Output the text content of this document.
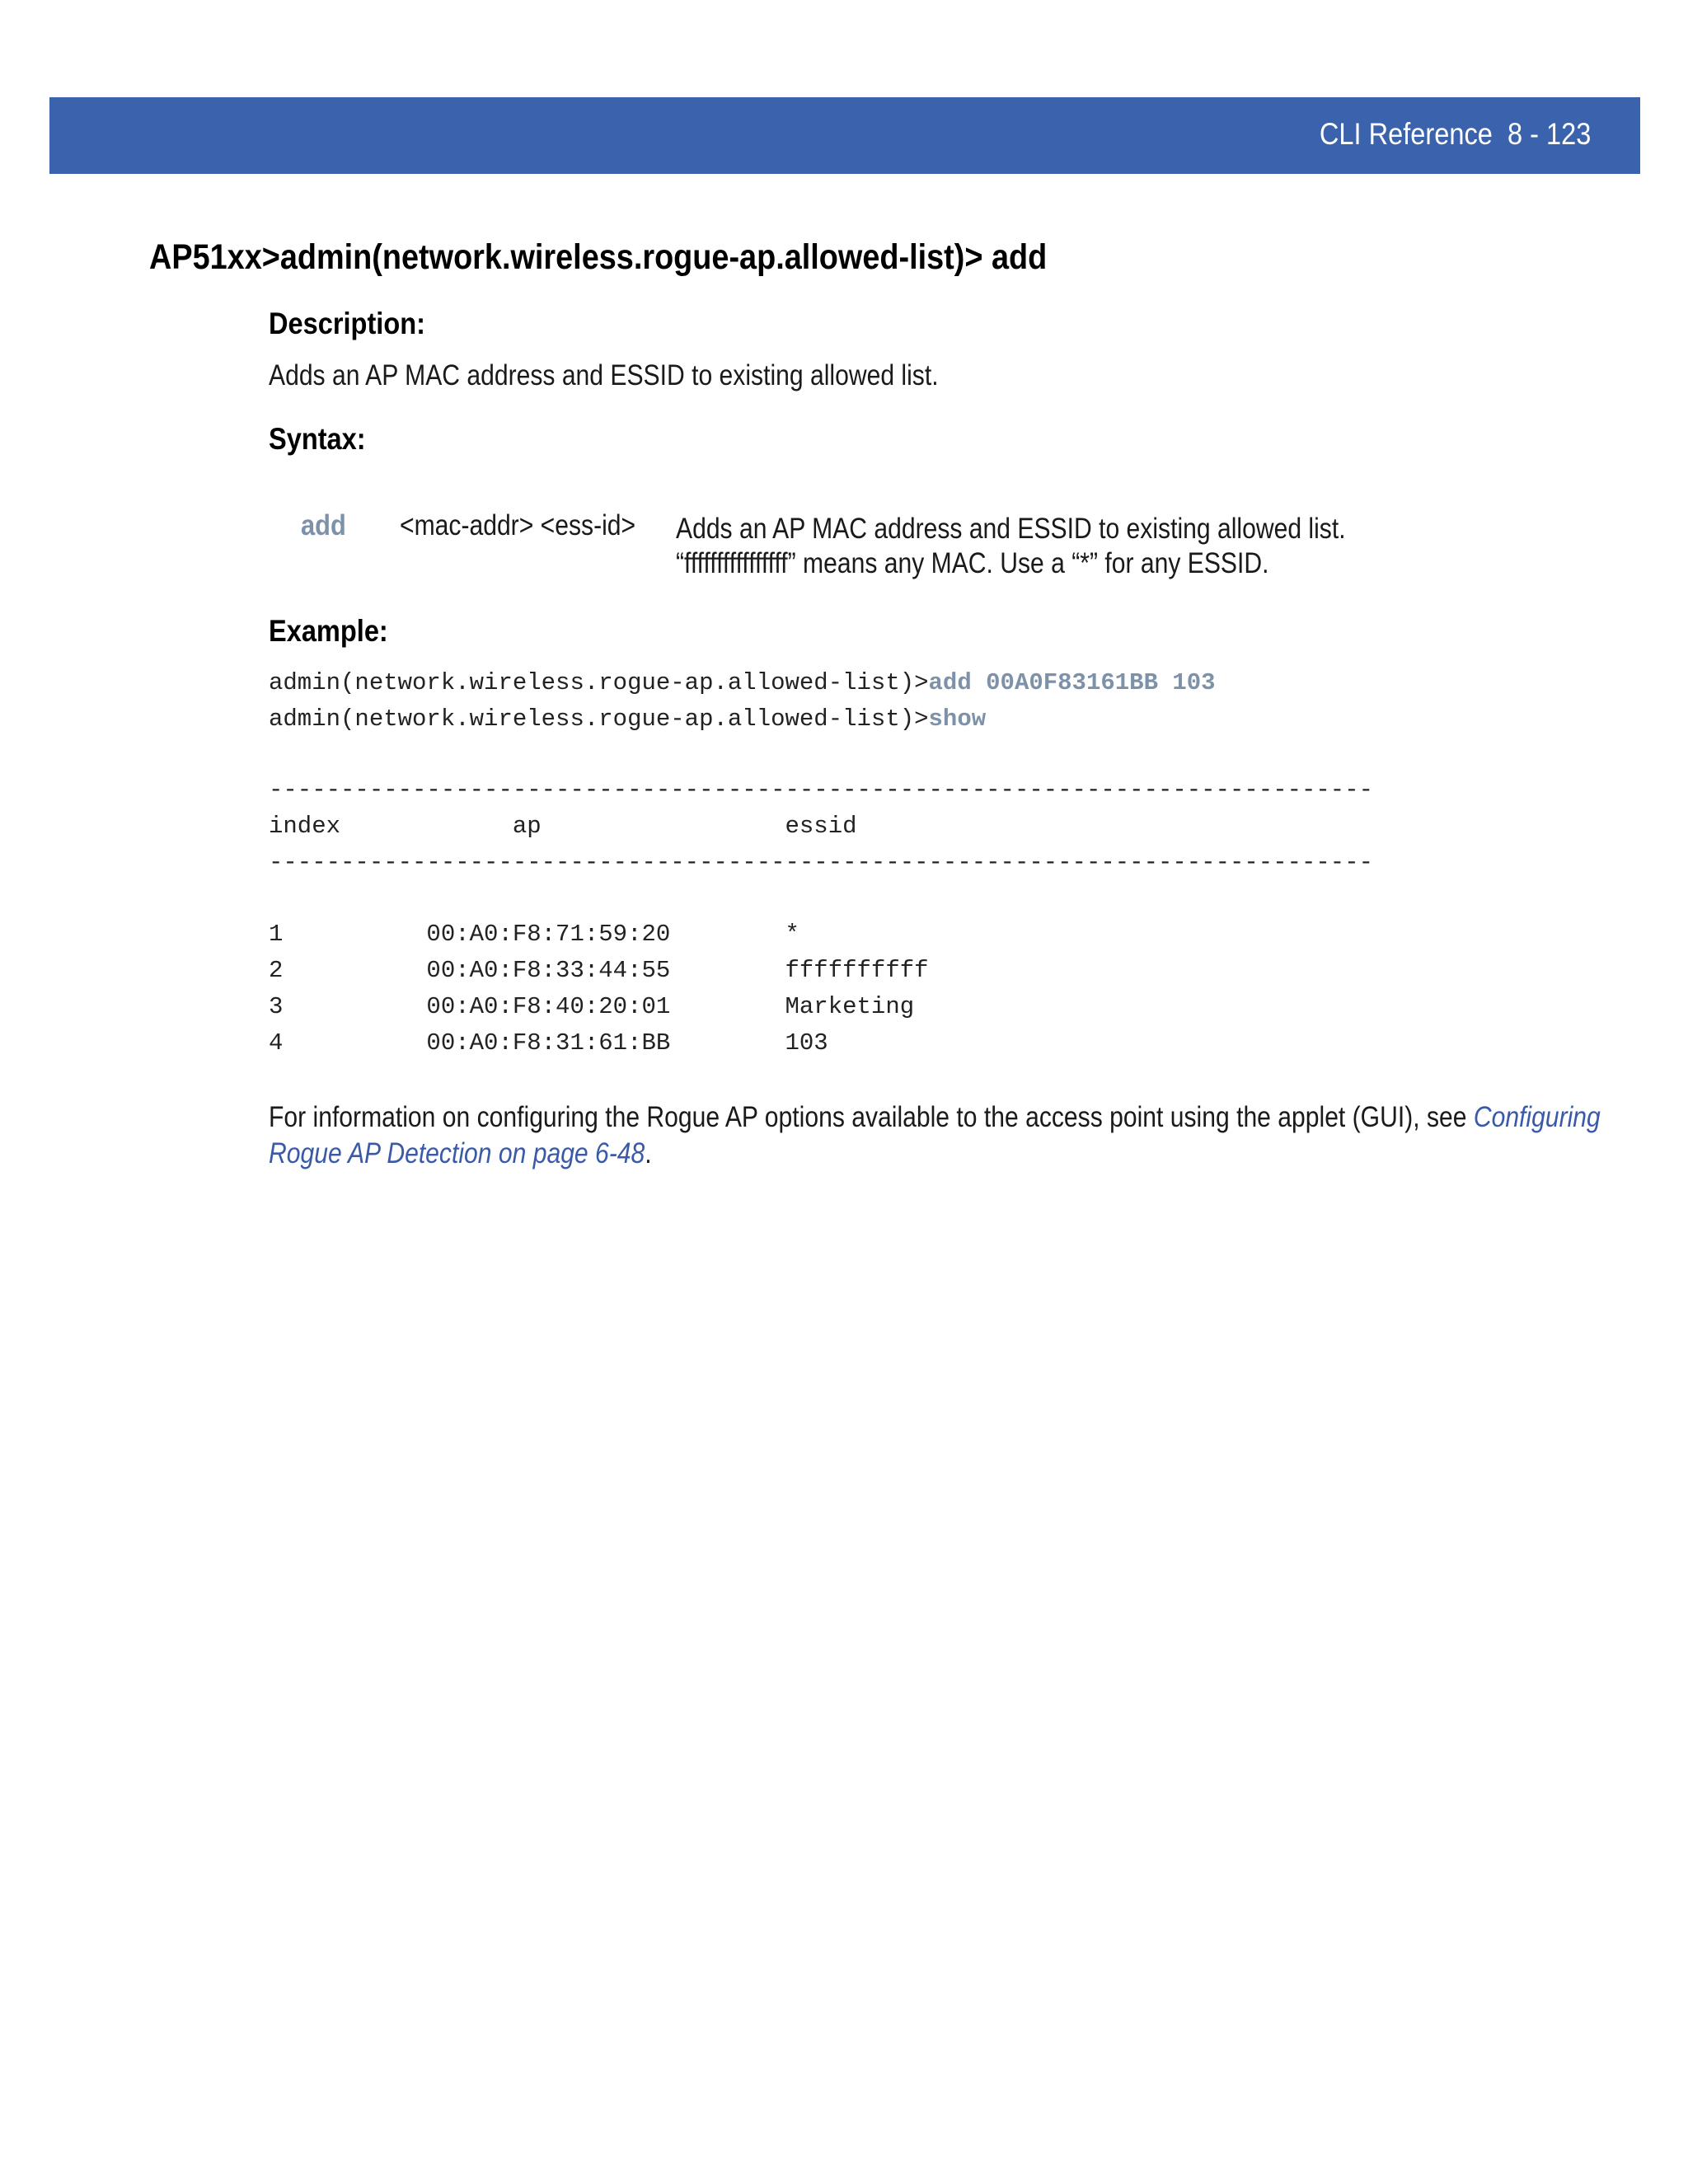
CLI Reference 8 - 123
AP51xx>admin(network.wireless.rogue-ap.allowed-list)> add
Description:
Adds an AP MAC address and ESSID to existing allowed list.
Syntax:
add <mac-addr> <ess-id> Adds an AP MAC address and ESSID to existing allowed list.
“ffffffffffffffff” means any MAC. Use a “*” for any ESSID.
Example:
admin(network.wireless.rogue-ap.allowed-list)>add 00A0F83161BB 103
admin(network.wireless.rogue-ap.allowed-list)>show
-----------------------------------------------------------------------------
index            ap                 essid
-----------------------------------------------------------------------------
1          00:A0:F8:71:59:20        *
2          00:A0:F8:33:44:55        ffffffffff
3          00:A0:F8:40:20:01        Marketing
4          00:A0:F8:31:61:BB        103
For information on configuring the Rogue AP options available to the access point using the applet (GUI), see Configuring
Rogue AP Detection on page 6-48.
